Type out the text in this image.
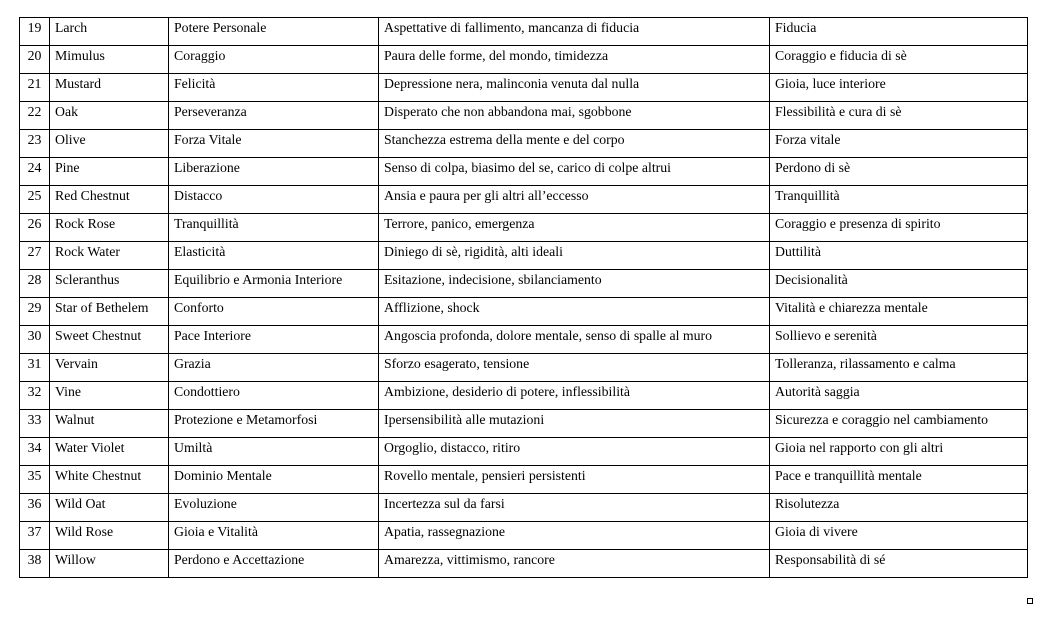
19	Larch	Potere Personale	Aspettative di fallimento, mancanza di fiducia	Fiducia
20	Mimulus	Coraggio	Paura delle forme, del mondo, timidezza	Coraggio e fiducia di sè
21	Mustard	Felicità	Depressione nera, malinconia venuta dal nulla	Gioia, luce interiore
22	Oak	Perseveranza	Disperato che non abbandona mai, sgobbone	Flessibilità e cura di sè
23	Olive	Forza Vitale	Stanchezza estrema della mente e del corpo	Forza vitale
24	Pine	Liberazione	Senso di colpa, biasimo del se, carico di colpe altrui	Perdono di sè
25	Red Chestnut	Distacco	Ansia e paura per gli altri all’eccesso	Tranquillità
26	Rock Rose	Tranquillità	Terrore, panico, emergenza	Coraggio e presenza di spirito
27	Rock Water	Elasticità	Diniego di sè, rigidità, alti ideali	Duttilità
28	Scleranthus	Equilibrio e Armonia Interiore	Esitazione, indecisione, sbilanciamento	Decisionalità
29	Star of Bethelem	Conforto	Afflizione, shock	Vitalità e chiarezza mentale
30	Sweet Chestnut	Pace Interiore	Angoscia profonda, dolore mentale, senso di spalle al muro	Sollievo e serenità
31	Vervain	Grazia	Sforzo esagerato, tensione	Tolleranza, rilassamento e calma
32	Vine	Condottiero	Ambizione, desiderio di potere, inflessibilità	Autorità saggia
33	Walnut	Protezione e Metamorfosi	Ipersensibilità alle mutazioni	Sicurezza e coraggio nel cambiamento
34	Water Violet	Umiltà	Orgoglio, distacco, ritiro	Gioia nel rapporto con gli altri
35	White Chestnut	Dominio Mentale	Rovello mentale, pensieri persistenti	Pace e tranquillità mentale
36	Wild Oat	Evoluzione	Incertezza sul da farsi	Risolutezza
37	Wild Rose	Gioia e Vitalità	Apatia, rassegnazione	Gioia di vivere
38	Willow	Perdono e Accettazione	Amarezza, vittimismo, rancore	Responsabilità di sé
